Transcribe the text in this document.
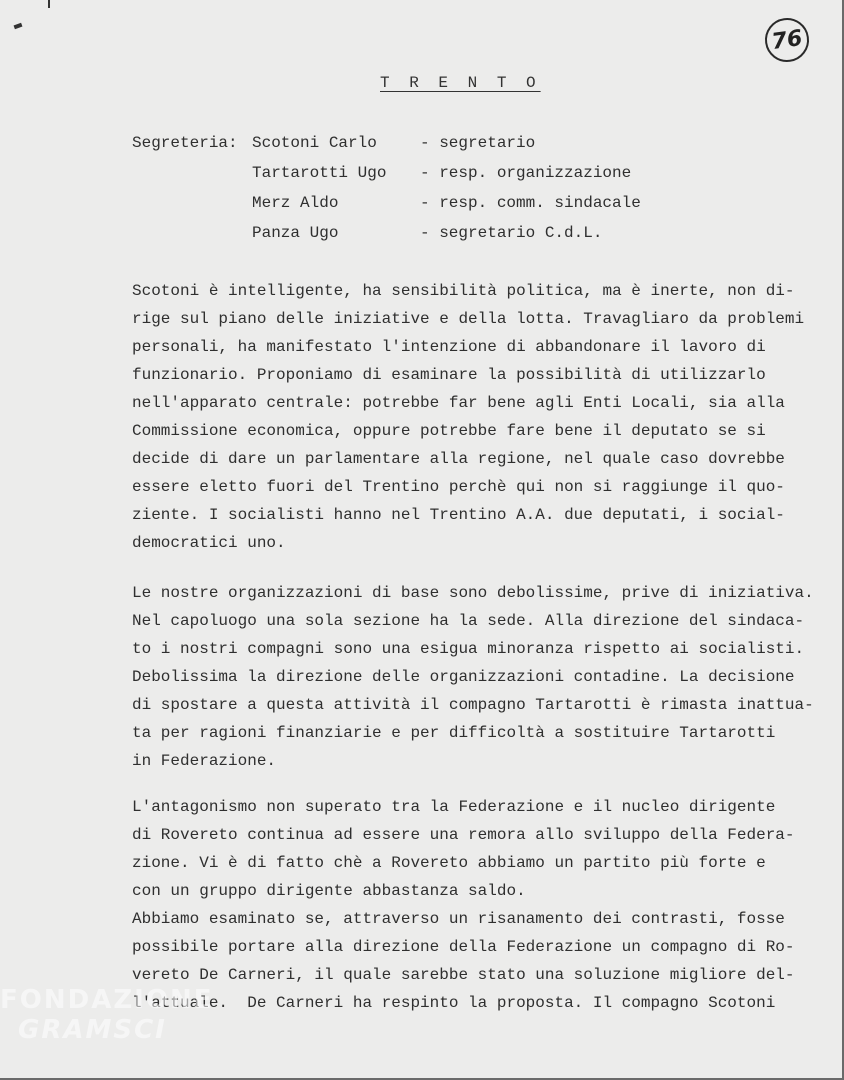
76
T R E N T O
Segreteria: Scotoni Carlo	- segretario
Tartarotti Ugo - resp. organizzazione
Merz Aldo	- resp. comm. sindacale
Panza Ugo	- segretario C.d.L.
Scotoni è intelligente, ha sensibilità politica, ma è inerte, non di-
rige sul piano delle iniziative e della lotta. Travagliaro da problemi
personali, ha manifestato l'intenzione di abbandonare il lavoro di
funzionario. Proponiamo di esaminare la possibilità di utilizzarlo
nell'apparato centrale: potrebbe far bene agli Enti Locali, sia alla
Commissione economica, oppure potrebbe fare bene il deputato se si
decide di dare un parlamentare alla regione, nel quale caso dovrebbe
essere eletto fuori del Trentino perchè qui non si raggiunge il quo-
ziente. I socialisti hanno nel Trentino A.A. due deputati, i social-
democratici uno.
Le nostre organizzazioni di base sono debolissime, prive di iniziativa.
Nel capoluogo una sola sezione ha la sede. Alla direzione del sindaca-
to i nostri compagni sono una esigua minoranza rispetto ai socialisti.
Debolissima la direzione delle organizzazioni contadine. La decisione
di spostare a questa attività il compagno Tartarotti è rimasta inattua-
ta per ragioni finanziarie e per difficoltà a sostituire Tartarotti
in Federazione.
L'antagonismo non superato tra la Federazione e il nucleo dirigente
di Rovereto continua ad essere una remora allo sviluppo della Federa-
zione. Vi è di fatto chè a Rovereto abbiamo un partito più forte e
con un gruppo dirigente abbastanza saldo.
Abbiamo esaminato se, attraverso un risanamento dei contrasti, fosse
possibile portare alla direzione della Federazione un compagno di Ro-
vereto De Carneri, il quale sarebbe stato una soluzione migliore del-
l'attuale.  De Carneri ha respinto la proposta. Il compagno Scotoni
FONDAZIONE
GRAMSCI
